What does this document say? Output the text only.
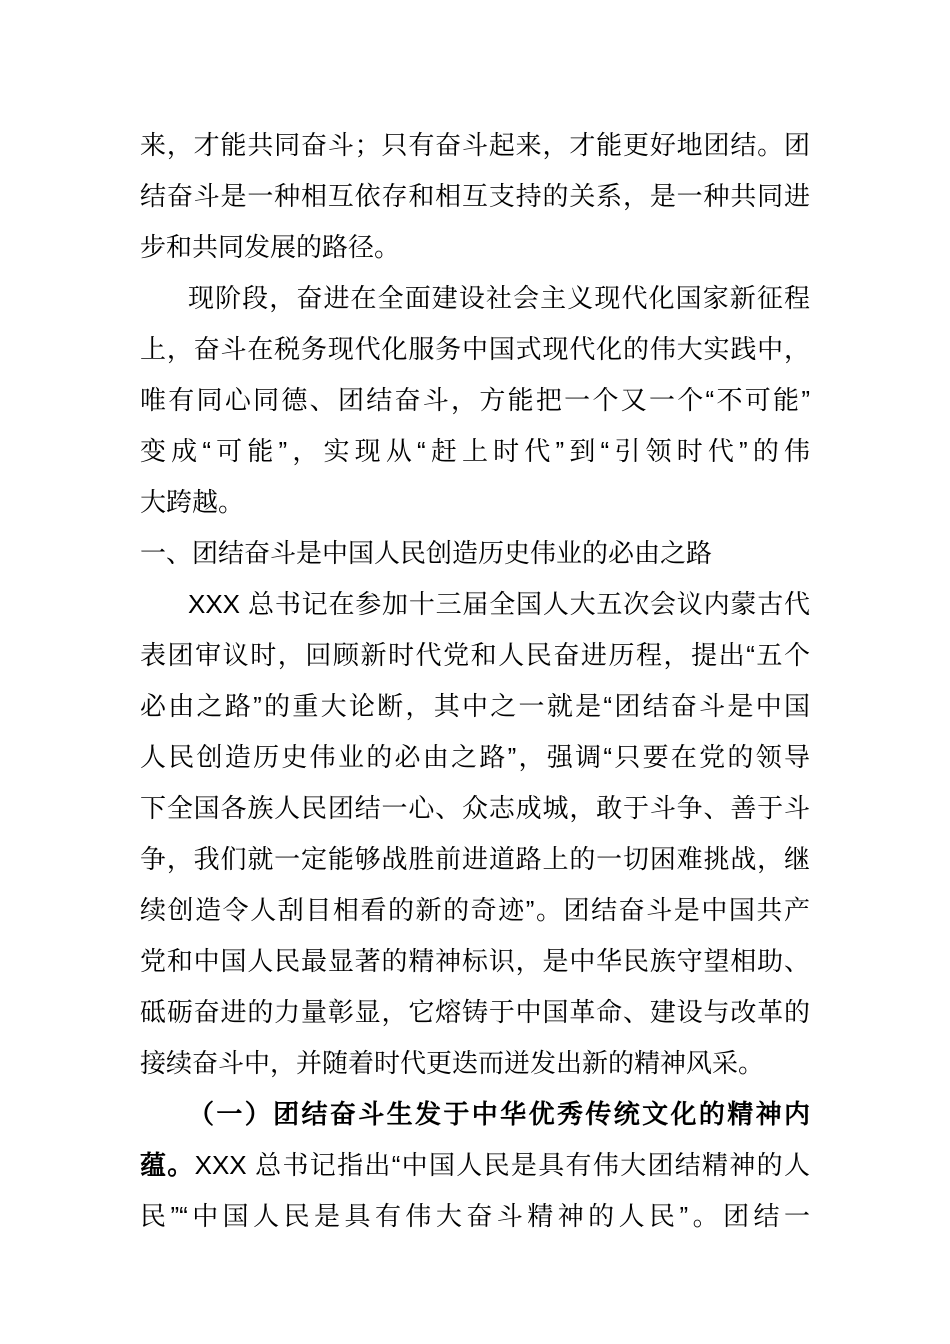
来，才能共同奋斗；只有奋斗起来，才能更好地团结。团
结奋斗是一种相互依存和相互支持的关系，是一种共同进
步和共同发展的路径。
现阶段，奋进在全面建设社会主义现代化国家新征程
上，奋斗在税务现代化服务中国式现代化的伟大实践中，
唯有同心同德、团结奋斗，方能把一个又一个“不可能”
变成“可能”，实现从“赶上时代”到“引领时代”的伟
大跨越。
一、团结奋斗是中国人民创造历史伟业的必由之路
XXX 总书记在参加十三届全国人大五次会议内蒙古代
表团审议时，回顾新时代党和人民奋进历程，提出“五个
必由之路”的重大论断，其中之一就是“团结奋斗是中国
人民创造历史伟业的必由之路”，强调“只要在党的领导
下全国各族人民团结一心、众志成城，敢于斗争、善于斗
争，我们就一定能够战胜前进道路上的一切困难挑战，继
续创造令人刮目相看的新的奇迹”。团结奋斗是中国共产
党和中国人民最显著的精神标识，是中华民族守望相助、
砥砺奋进的力量彰显，它熔铸于中国革命、建设与改革的
接续奋斗中，并随着时代更迭而迸发出新的精神风采。
（一）团结奋斗生发于中华优秀传统文化的精神内
蕴。XXX 总书记指出“中国人民是具有伟大团结精神的人
民”“中国人民是具有伟大奋斗精神的人民”。团结一
